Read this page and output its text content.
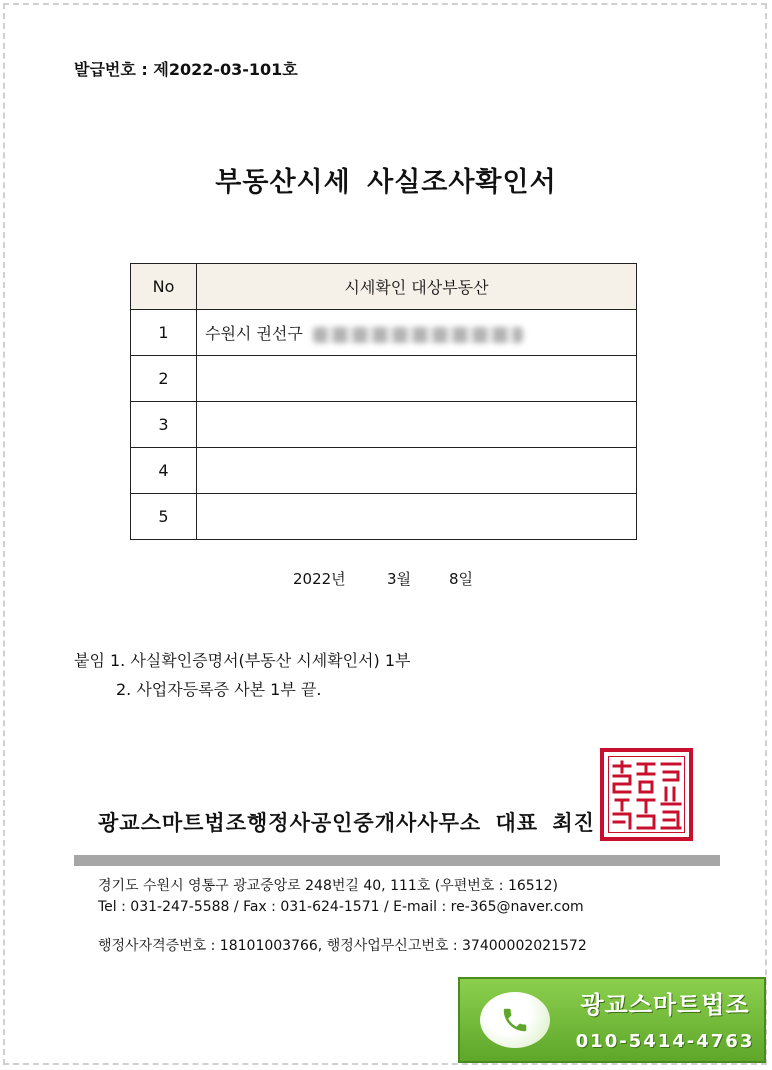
발급번호 : 제2022-03-101호
부동산시세 사실조사확인서
No	시세확인 대상부동산
1	수원시 권선구
2	
3	
4	
5	
2022년	3월	8일
붙임 1. 사실확인증명서(부동산 시세확인서) 1부
2. 사업자등록증 사본 1부 끝.
광교스마트법조행정사공인중개사사무소 대표 최진
경기도 수원시 영통구 광교중앙로 248번길 40, 111호 (우편번호 : 16512)
Tel : 031-247-5588 / Fax : 031-624-1571 / E-mail : re-365@naver.com
행정사자격증번호 : 18101003766, 행정사업무신고번호 : 37400002021572
광교스마트법조
010-5414-4763
